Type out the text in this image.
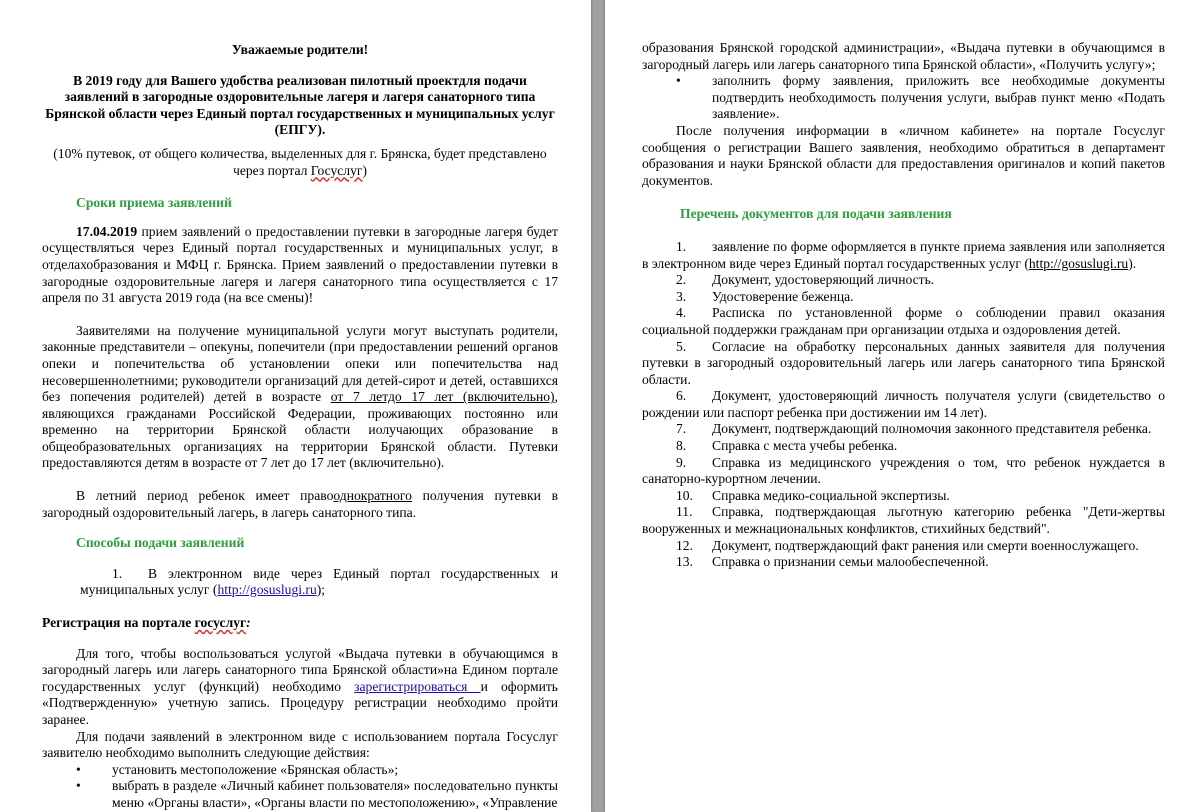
Уважаемые родители!

В 2019 году для Вашего удобства реализован пилотный проектдля подачи заявлений в загородные оздоровительные лагеря и лагеря санаторного типа Брянской области через Единый портал государственных и муниципальных услуг (ЕПГУ).

(10% путевок, от общего количества, выделенных для г. Брянска, будет представлено через портал Госуслуг)

Сроки приема заявлений

17.04.2019 прием заявлений о предоставлении путевки в загородные лагеря будет осуществляться через Единый портал государственных и муниципальных услуг, в отделахобразования и МФЦ г. Брянска. Прием заявлений о предоставлении путевки в загородные оздоровительные лагеря и лагеря санаторного типа осуществляется с 17 апреля по 31 августа 2019 года (на все смены)!

Заявителями на получение муниципальной услуги могут выступать родители, законные представители – опекуны, попечители (при предоставлении решений органов опеки и попечительства об установлении опеки или попечительства над несовершеннолетними; руководители организаций для детей-сирот и детей, оставшихся без попечения родителей) детей в возрасте от 7 летдо 17 лет (включительно), являющихся гражданами Российской Федерации, проживающих постоянно или временно на территории Брянской области иолучающих образование в общеобразовательных организациях на территории Брянской области. Путевки предоставляются детям в возрасте от 7 лет до 17 лет (включительно).

В летний период ребенок имеет правооднократного получения путевки в загородный оздоровительный лагерь, в лагерь санаторного типа.

Способы подачи заявлений

1. В электронном виде через Единый портал государственных и муниципальных услуг (http://gosuslugi.ru);

Регистрация на портале госуслуг:

Для того, чтобы воспользоваться услугой «Выдача путевки в обучающимся в загородный лагерь или лагерь санаторного типа Брянской области»на Едином портале государственных услуг (функций) необходимо зарегистрироваться и оформить «Подтвержденную» учетную запись. Процедуру регистрации необходимо пройти заранее.

Для подачи заявлений в электронном виде с использованием портала Госуслуг заявителю необходимо выполнить следующие действия:

• установить местоположение «Брянская область»;

• выбрать в разделе «Личный кабинет пользователя» последовательно пункты меню «Органы власти», «Органы власти по местоположению», «Управление

образования Брянской городской администрации», «Выдача путевки в обучающимся в загородный лагерь или лагерь санаторного типа Брянской области», «Получить услугу»;

• заполнить форму заявления, приложить все необходимые документы подтвердить необходимость получения услуги, выбрав пункт меню «Подать заявление».

После получения информации в «личном кабинете» на портале Госуслуг сообщения о регистрации Вашего заявления, необходимо обратиться в департамент образования и науки Брянской области для предоставления оригиналов и копий пакетов документов.

Перечень документов для подачи заявления

1. заявление по форме оформляется в пункте приема заявления или заполняется в электронном виде через Единый портал государственных услуг (http://gosuslugi.ru).

2. Документ, удостоверяющий личность.

3. Удостоверение беженца.

4. Расписка по установленной форме о соблюдении правил оказания социальной поддержки гражданам при организации отдыха и оздоровления детей.

5. Согласие на обработку персональных данных заявителя для получения путевки в загородный оздоровительный лагерь или лагерь санаторного типа Брянской области.

6. Документ, удостоверяющий личность получателя услуги (свидетельство о рождении или паспорт ребенка при достижении им 14 лет).

7. Документ, подтверждающий полномочия законного представителя ребенка.

8. Справка с места учебы ребенка.

9. Справка из медицинского учреждения о том, что ребенок нуждается в санаторно-курортном лечении.

10. Справка медико-социальной экспертизы.

11. Справка, подтверждающая льготную категорию ребенка "Дети-жертвы вооруженных и межнациональных конфликтов, стихийных бедствий".

12. Документ, подтверждающий факт ранения или смерти военнослужащего.

13. Справка о признании семьи малообеспеченной.
